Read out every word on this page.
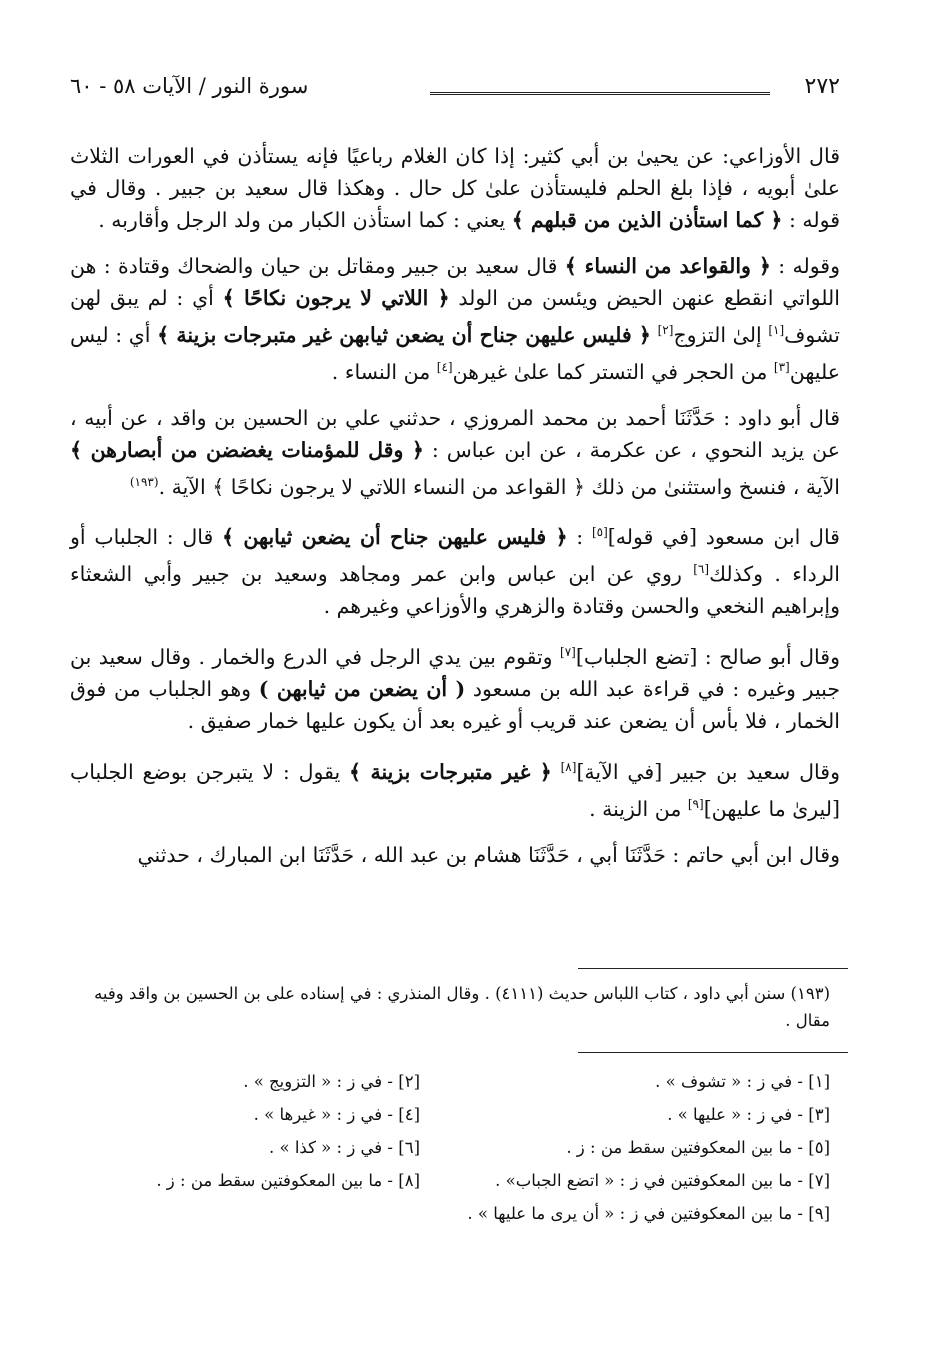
٢٧٢
سورة النور / الآيات ٥٨ - ٦٠

قال الأوزاعي: عن يحيىٰ بن أبي كثير: إذا كان الغلام رباعيًا فإنه يستأذن في العورات الثلاث علىٰ أبويه ، فإذا بلغ الحلم فليستأذن علىٰ كل حال . وهكذا قال سعيد بن جبير . وقال في قوله : ﴿ كما استأذن الذين من قبلهم ﴾ يعني : كما استأذن الكبار من ولد الرجل وأقاربه .

وقوله : ﴿ والقواعد من النساء ﴾ قال سعيد بن جبير ومقاتل بن حيان والضحاك وقتادة : هن اللواتي انقطع عنهن الحيض ويئسن من الولد ﴿ اللاتي لا يرجون نكاحًا ﴾ أي : لم يبق لهن تشوف[١] إلىٰ التزوج[٢] ﴿ فليس عليهن جناح أن يضعن ثيابهن غير متبرجات بزينة ﴾ أي : ليس عليهن[٣] من الحجر في التستر كما علىٰ غيرهن[٤] من النساء .

قال أبو داود : حَدَّثَنَا أحمد بن محمد المروزي ، حدثني علي بن الحسين بن واقد ، عن أبيه ، عن يزيد النحوي ، عن عكرمة ، عن ابن عباس : ﴿ وقل للمؤمنات يغضضن من أبصارهن ﴾ الآية ، فنسخ واستثنىٰ من ذلك ﴿ القواعد من النساء اللاتي لا يرجون نكاحًا ﴾ الآية .$^{(١٩٣)}$

قال ابن مسعود [في قوله][٥] : ﴿ فليس عليهن جناح أن يضعن ثيابهن ﴾ قال : الجلباب أو الرداء . وكذلك[٦] روي عن ابن عباس وابن عمر ومجاهد وسعيد بن جبير وأبي الشعثاء وإبراهيم النخعي والحسن وقتادة والزهري والأوزاعي وغيرهم .

وقال أبو صالح : [تضع الجلباب][٧] وتقوم بين يدي الرجل في الدرع والخمار . وقال سعيد بن جبير وغيره : في قراءة عبد الله بن مسعود ( أن يضعن من ثيابهن ) وهو الجلباب من فوق الخمار ، فلا بأس أن يضعن عند قريب أو غيره بعد أن يكون عليها خمار صفيق .

وقال سعيد بن جبير [في الآية][٨] ﴿ غير متبرجات بزينة ﴾ يقول : لا يتبرجن بوضع الجلباب [ليرىٰ ما عليهن][٩] من الزينة .

وقال ابن أبي حاتم : حَدَّثَنَا أبي ، حَدَّثَنَا هشام بن عبد الله ، حَدَّثَنَا ابن المبارك ، حدثني

(١٩٣) سنن أبي داود ، كتاب اللباس حديث (٤١١١) . وقال المنذري : في إسناده على بن الحسين بن واقد وفيه مقال .
[١] - في ز : « تشوف » .
[٢] - في ز : « التزويج » .
[٣] - في ز : « عليها » .
[٤] - في ز : « غيرها » .
[٥] - ما بين المعكوفتين سقط من : ز .
[٦] - في ز : « كذا » .
[٧] - ما بين المعكوفتين في ز : « اتضع الجباب» .
[٨] - ما بين المعكوفتين سقط من : ز .
[٩] - ما بين المعكوفتين في ز : « أن يرى ما عليها » .
